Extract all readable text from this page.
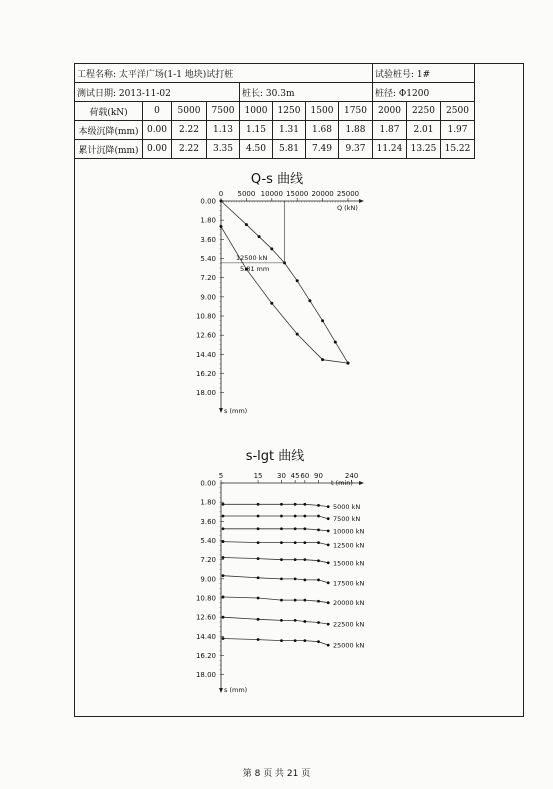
工程名称: 太平洋广场(1-1 地块)试打桩								试验桩号: 1#		
测试日期: 2013-11-02				桩长: 30.3m				桩径: Φ1200		
荷载(kN)	0	5000	7500	1000	1250	1500	1750	2000	2250	2500
本级沉降(mm)	0.00	2.22	1.13	1.15	1.31	1.68	1.88	1.87	2.01	1.97
累计沉降(mm)	0.00	2.22	3.35	4.50	5.81	7.49	9.37	11.24	13.25	15.22
Q-s 曲线
0 5000 10000 15000 20000 25000
0.00
1.80
3.60
5.40
7.20
9.00
10.80
12.60
14.40
16.20
18.00
Q (kN)
s (mm)
12500 kN
5.81 mm
s-lgt 曲线
5	15 30 45 60 90	240
t (min)
0.00
1.80
3.60
5.40
7.20
9.00
10.80
12.60
14.40
16.20
18.00
s (mm)
5000 kN
7500 kN
10000 kN
12500 kN
15000 kN
17500 kN
20000 kN
22500 kN
25000 kN
第 8 页 共 21 页
